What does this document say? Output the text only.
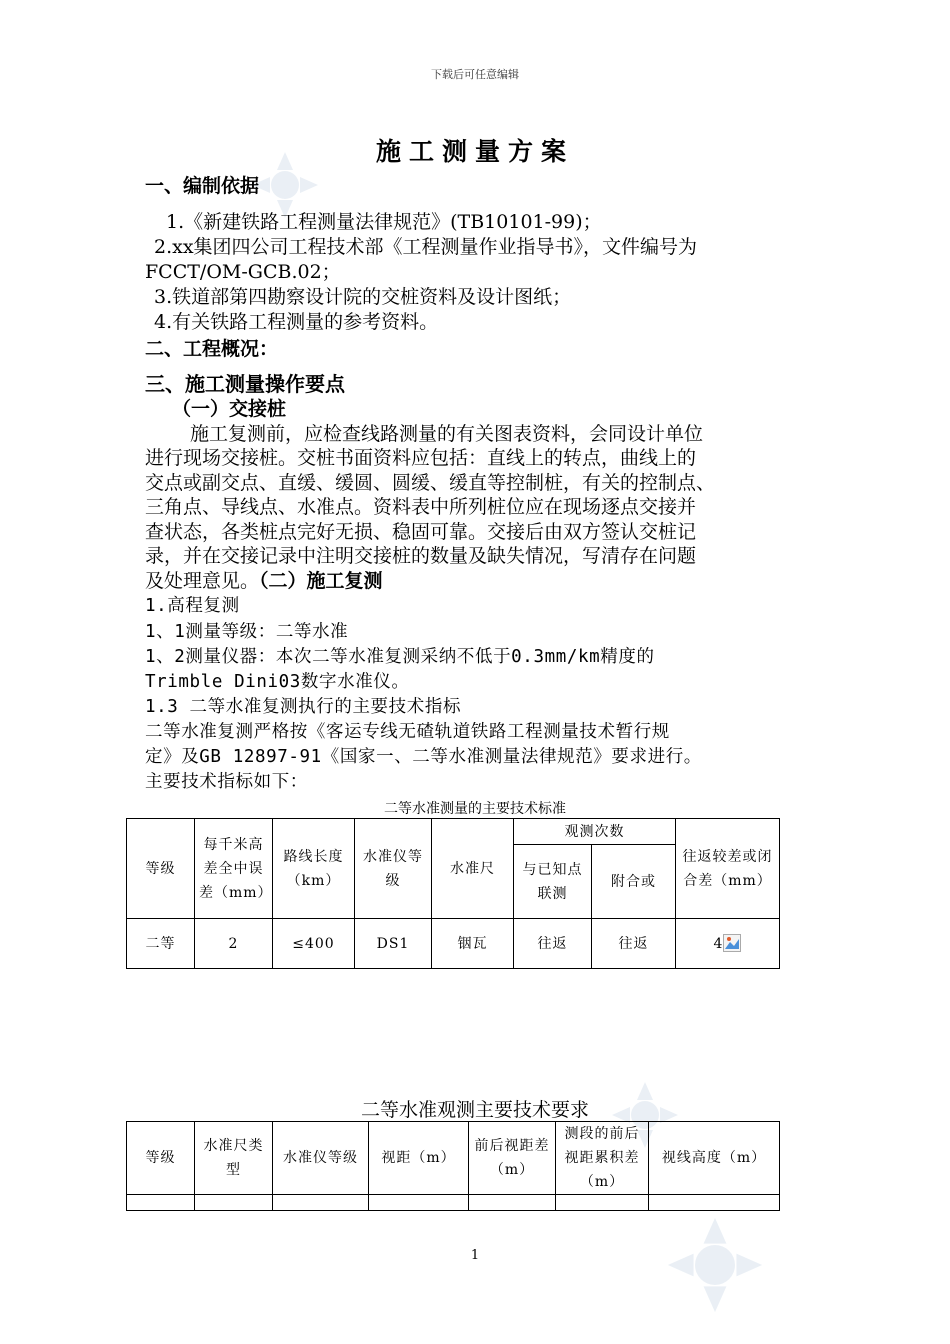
下载后可任意编辑
施工测量方案
一、编制依据
1.《新建铁路工程测量法律规范》(TB10101-99)；
2.xx集团四公司工程技术部《工程测量作业指导书》，文件编号为
FCCT/OM-GCB.02；
3.铁道部第四勘察设计院的交桩资料及设计图纸；
4.有关铁路工程测量的参考资料。
二、工程概况：
三、施工测量操作要点
（一）交接桩
施工复测前，应检查线路测量的有关图表资料，会同设计单位
进行现场交接桩。交桩书面资料应包括：直线上的转点，曲线上的
交点或副交点、直缓、缓圆、圆缓、缓直等控制桩，有关的控制点、
三角点、导线点、水准点。资料表中所列桩位应在现场逐点交接并
查状态，各类桩点完好无损、稳固可靠。交接后由双方签认交桩记
录，并在交接记录中注明交接桩的数量及缺失情况，写清存在问题
及处理意见。（二）施工复测
1.高程复测
1、1测量等级：二等水准
1、2测量仪器：本次二等水准复测采纳不低于0.3mm/km精度的
Trimble Dini03数字水准仪。
1.3 二等水准复测执行的主要技术指标
二等水准复测严格按《客运专线无碴轨道铁路工程测量技术暂行规
定》及GB 12897-91《国家一、二等水准测量法律规范》要求进行。
主要技术指标如下：
二等水准测量的主要技术标准
等级	每千米高差全中误差（mm）	路线长度（km）	水准仪等级	水准尺	观测次数		往返较差或闭合差（mm）
					与已知点联测	附合或	
二等	2	≤400	DS1	铟瓦	往返	往返	4
二等水准观测主要技术要求
等级	水准尺类型	水准仪等级	视距（m）	前后视距差（m）	测段的前后视距累积差（m）	视线高度（m）

1
